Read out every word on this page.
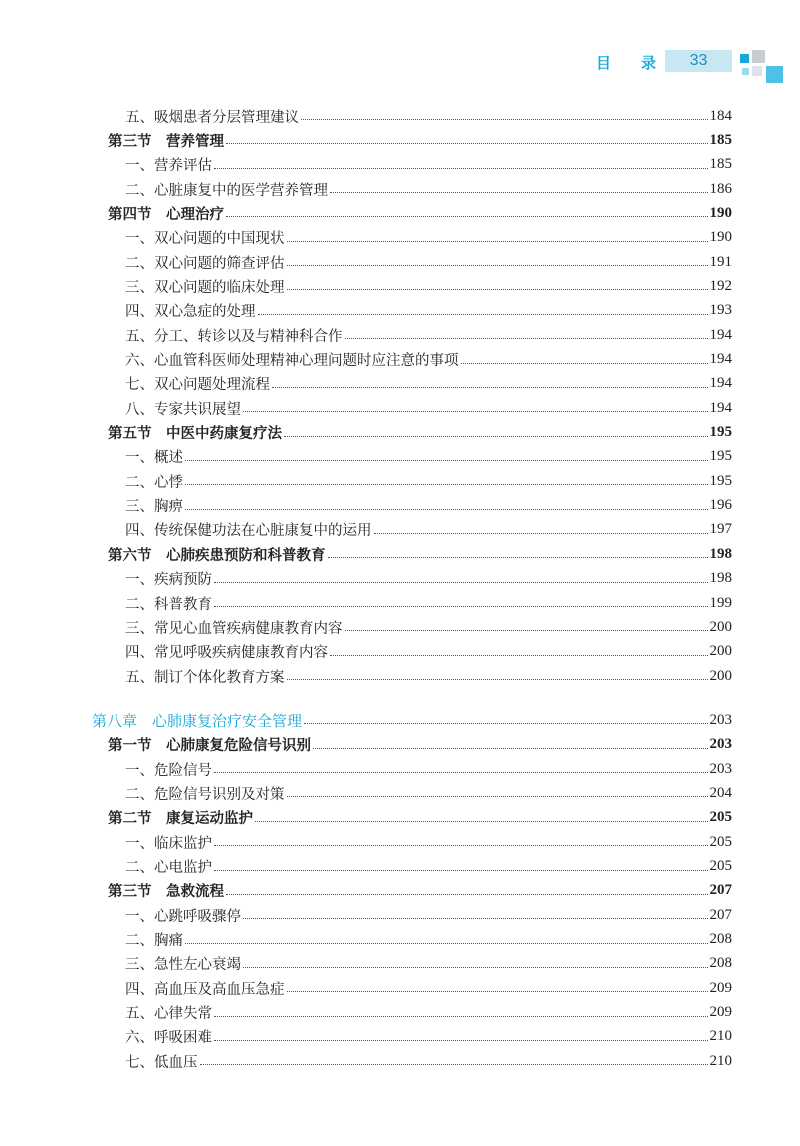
目 录	33
五、吸烟患者分层管理建议	184
第三节　营养管理	185
一、营养评估	185
二、心脏康复中的医学营养管理	186
第四节　心理治疗	190
一、双心问题的中国现状	190
二、双心问题的筛查评估	191
三、双心问题的临床处理	192
四、双心急症的处理	193
五、分工、转诊以及与精神科合作	194
六、心血管科医师处理精神心理问题时应注意的事项	194
七、双心问题处理流程	194
八、专家共识展望	194
第五节　中医中药康复疗法	195
一、概述	195
二、心悸	195
三、胸痹	196
四、传统保健功法在心脏康复中的运用	197
第六节　心肺疾患预防和科普教育	198
一、疾病预防	198
二、科普教育	199
三、常见心血管疾病健康教育内容	200
四、常见呼吸疾病健康教育内容	200
五、制订个体化教育方案	200
第八章　心肺康复治疗安全管理	203
第一节　心肺康复危险信号识别	203
一、危险信号	203
二、危险信号识别及对策	204
第二节　康复运动监护	205
一、临床监护	205
二、心电监护	205
第三节　急救流程	207
一、心跳呼吸骤停	207
二、胸痛	208
三、急性左心衰竭	208
四、高血压及高血压急症	209
五、心律失常	209
六、呼吸困难	210
七、低血压	210
